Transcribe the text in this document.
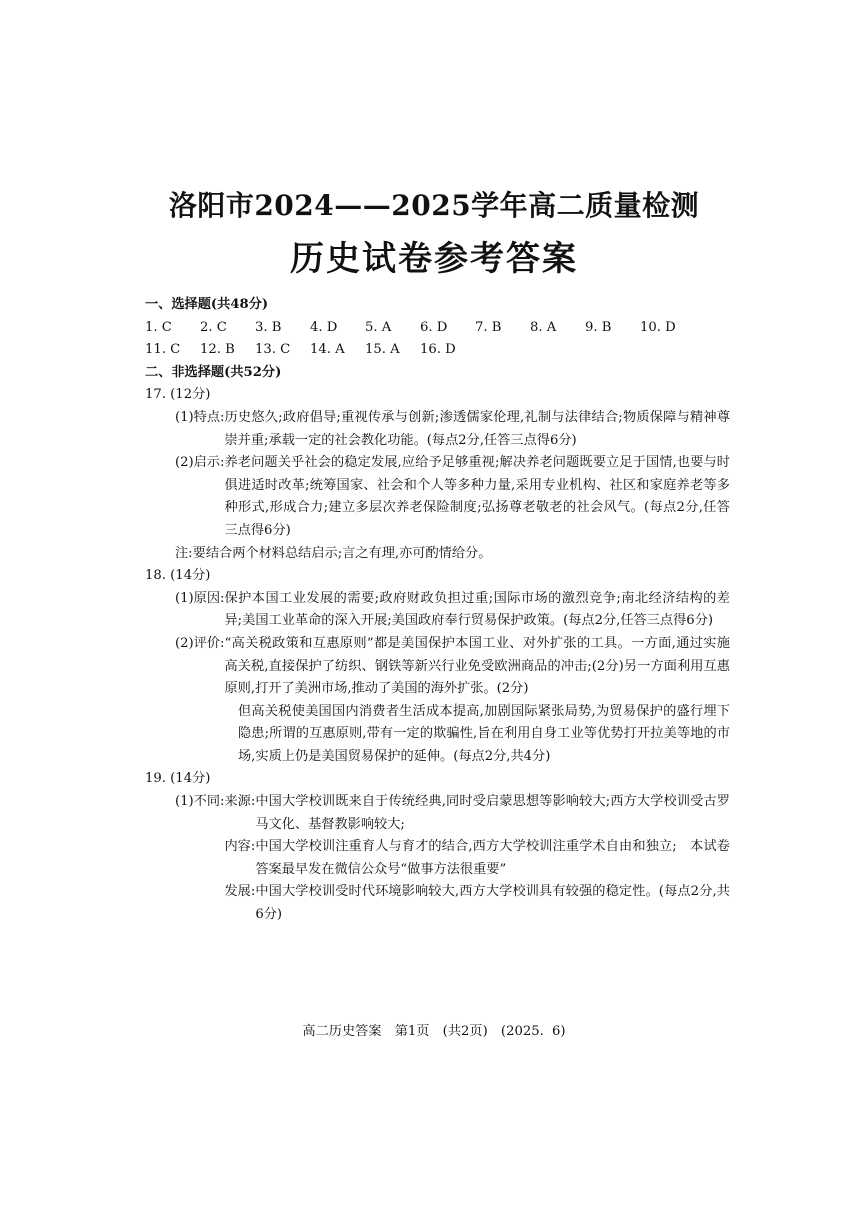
洛阳市2024——2025学年高二质量检测
历史试卷参考答案
一、选择题(共48分)
1. C	2. C	3. B	4. D	5. A	6. D	7. B	8. A	9. B	10. D
11. C	12. B	13. C	14. A	15. A	16. D
二、非选择题(共52分)
17. (12分)
(1)特点: 历史悠久;政府倡导;重视传承与创新;渗透儒家伦理,礼制与法律结合;物质保障与精神尊崇并重;承载一定的社会教化功能。(每点2分,任答三点得6分)
(2)启示: 养老问题关乎社会的稳定发展,应给予足够重视;解决养老问题既要立足于国情,也要与时俱进适时改革;统筹国家、社会和个人等多种力量,采用专业机构、社区和家庭养老等多种形式,形成合力;建立多层次养老保险制度;弘扬尊老敬老的社会风气。(每点2分,任答三点得6分)
注:要结合两个材料总结启示;言之有理,亦可酌情给分。
18. (14分)
(1)原因: 保护本国工业发展的需要;政府财政负担过重;国际市场的激烈竞争;南北经济结构的差异;美国工业革命的深入开展;美国政府奉行贸易保护政策。(每点2分,任答三点得6分)
(2)评价: “高关税政策和互惠原则”都是美国保护本国工业、对外扩张的工具。一方面,通过实施高关税,直接保护了纺织、钢铁等新兴行业免受欧洲商品的冲击;(2分)另一方面利用互惠原则,打开了美洲市场,推动了美国的海外扩张。(2分)
但高关税使美国国内消费者生活成本提高,加剧国际紧张局势,为贸易保护的盛行埋下隐患;所谓的互惠原则,带有一定的欺骗性,旨在利用自身工业等优势打开拉美等地的市场,实质上仍是美国贸易保护的延伸。(每点2分,共4分)
19. (14分)
(1)不同: 来源: 中国大学校训既来自于传统经典,同时受启蒙思想等影响较大;西方大学校训受古罗马文化、基督教影响较大;
内容: 中国大学校训注重育人与育才的结合,西方大学校训注重学术自由和独立;　本试卷答案最早发在微信公众号“做事方法很重要”
发展: 中国大学校训受时代环境影响较大,西方大学校训具有较强的稳定性。(每点2分,共6分)
高二历史答案　第1页　(共2页)　(2025. 6)
